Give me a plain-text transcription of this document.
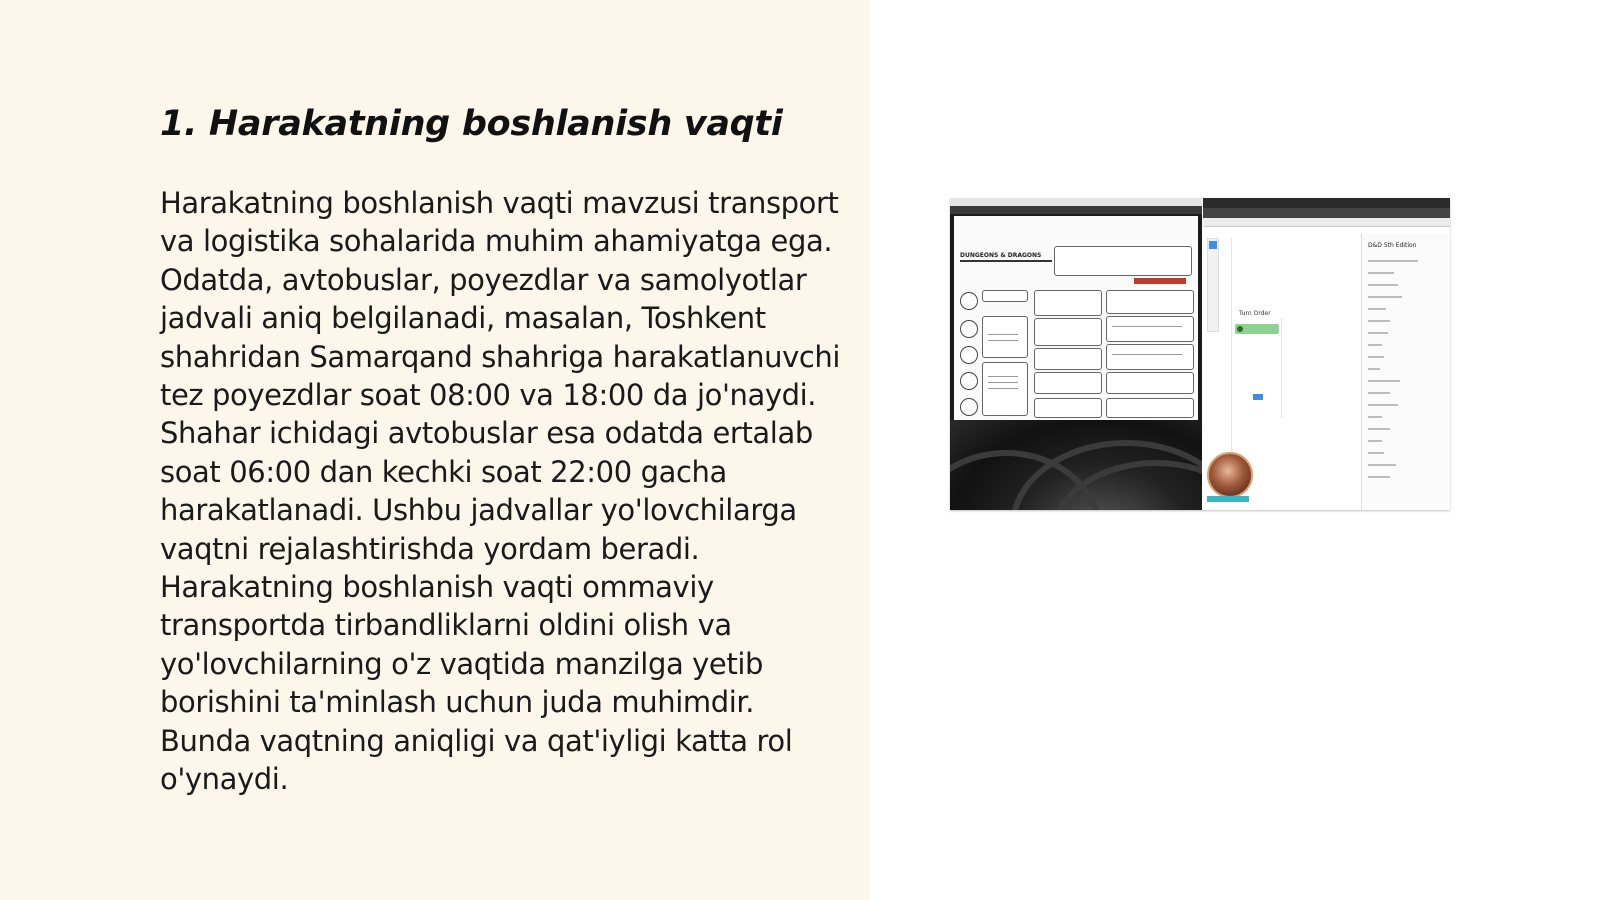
1. Harakatning boshlanish vaqti

Harakatning boshlanish vaqti mavzusi transport va logistika sohalarida muhim ahamiyatga ega. Odatda, avtobuslar, poyezdlar va samolyotlar jadvali aniq belgilanadi, masalan, Toshkent shahridan Samarqand shahriga harakatlanuvchi tez poyezdlar soat 08:00 va 18:00 da jo'naydi. Shahar ichidagi avtobuslar esa odatda ertalab soat 06:00 dan kechki soat 22:00 gacha harakatlanadi. Ushbu jadvallar yo'lovchilarga vaqtni rejalashtirishda yordam beradi. Harakatning boshlanish vaqti ommaviy transportda tirbandliklarni oldini olish va yo'lovchilarning o'z vaqtida manzilga yetib borishini ta'minlash uchun juda muhimdir. Bunda vaqtning aniqligi va qat'iyligi katta rol o'ynaydi.

DUNGEONS & DRAGONS
Turn Order
D&D 5th Edition
